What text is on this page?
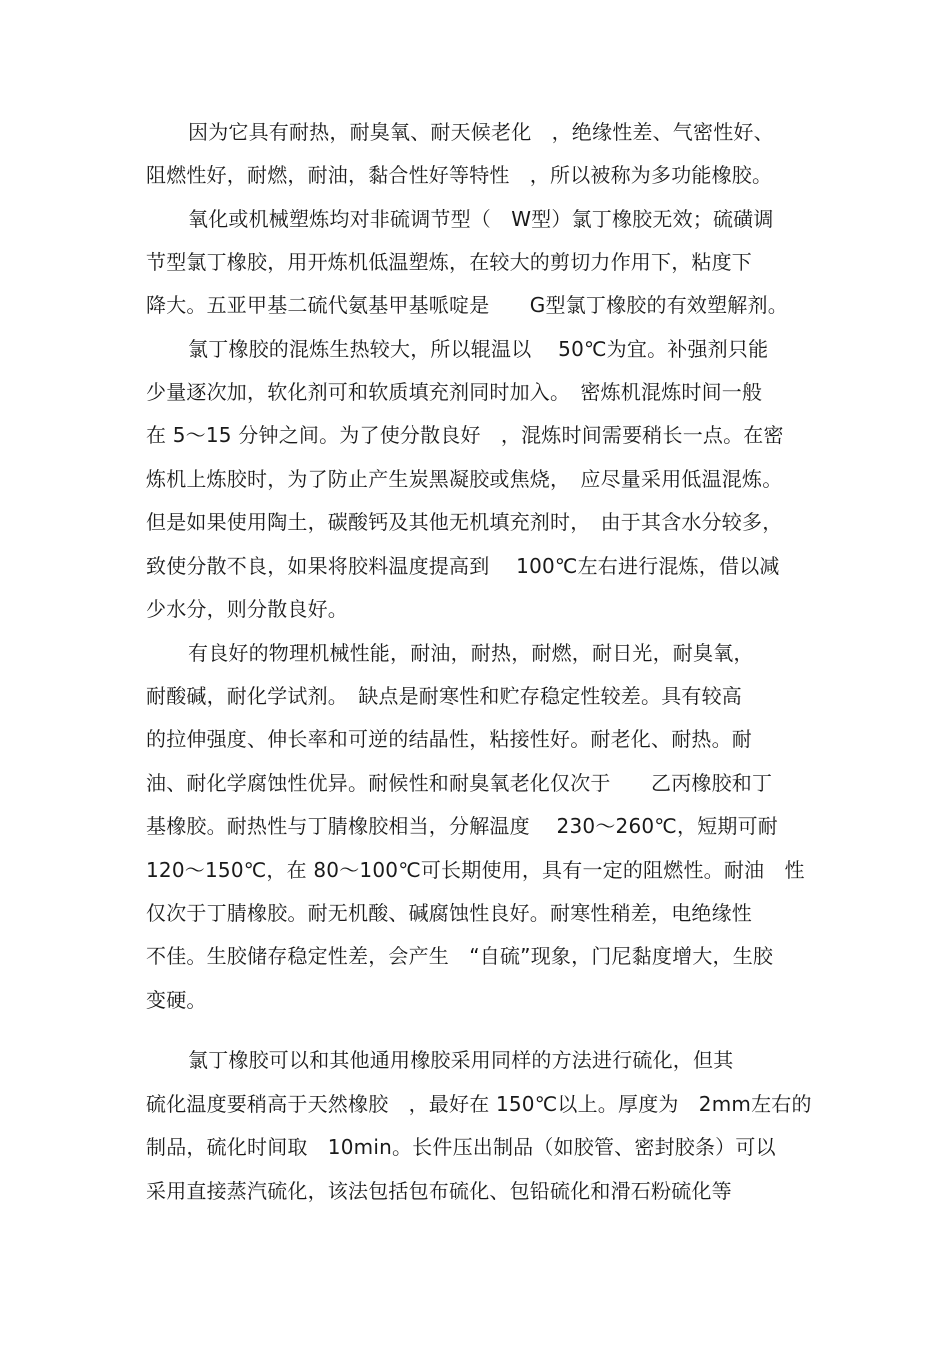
因为它具有耐热，耐臭氧、耐天候老化　，绝缘性差、气密性好、
阻燃性好，耐燃，耐油，黏合性好等特性　，所以被称为多功能橡胶。
氧化或机械塑炼均对非硫调节型（　W型）氯丁橡胶无效；硫磺调
节型氯丁橡胶，用开炼机低温塑炼，在较大的剪切力作用下，粘度下
降大。五亚甲基二硫代氨基甲基哌啶是　　G型氯丁橡胶的有效塑解剂。
氯丁橡胶的混炼生热较大，所以辊温以　 50℃为宜。补强剂只能
少量逐次加，软化剂可和软质填充剂同时加入。　密炼机混炼时间一般
在 5～15 分钟之间。为了使分散良好　，混炼时间需要稍长一点。在密
炼机上炼胶时，为了防止产生炭黑凝胶或焦烧，　应尽量采用低温混炼。
但是如果使用陶土，碳酸钙及其他无机填充剂时，　由于其含水分较多，
致使分散不良，如果将胶料温度提高到　 100℃左右进行混炼，借以减
少水分，则分散良好。
有良好的物理机械性能，耐油，耐热，耐燃，耐日光，耐臭氧，
耐酸碱，耐化学试剂。　缺点是耐寒性和贮存稳定性较差。具有较高
的拉伸强度、伸长率和可逆的结晶性，粘接性好。耐老化、耐热。耐
油、耐化学腐蚀性优异。耐候性和耐臭氧老化仅次于　　乙丙橡胶和丁
基橡胶。耐热性与丁腈橡胶相当，分解温度　 230～260℃，短期可耐
120～150℃，在 80～100℃可长期使用，具有一定的阻燃性。耐油　性
仅次于丁腈橡胶。耐无机酸、碱腐蚀性良好。耐寒性稍差，电绝缘性
不佳。生胶储存稳定性差，会产生　“自硫”现象，门尼黏度增大，生胶
变硬。
氯丁橡胶可以和其他通用橡胶采用同样的方法进行硫化，但其
硫化温度要稍高于天然橡胶　，最好在 150℃以上。厚度为　2mm左右的
制品，硫化时间取　10min。长件压出制品（如胶管、密封胶条）可以
采用直接蒸汽硫化，该法包括包布硫化、包铅硫化和滑石粉硫化等
